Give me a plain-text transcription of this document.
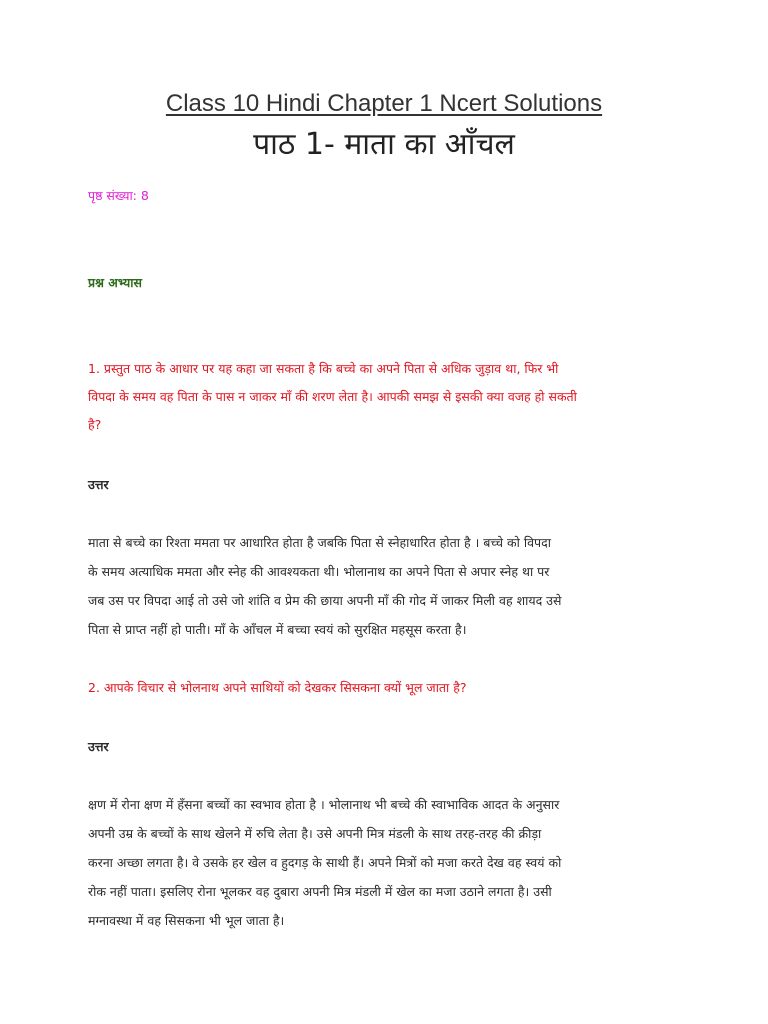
Class 10 Hindi Chapter 1 Ncert Solutions
पाठ 1- माता का आँचल
पृष्ठ संख्या: 8
प्रश्न अभ्यास
1. प्रस्तुत पाठ के आधार पर यह कहा जा सकता है कि बच्चे का अपने पिता से अधिक जुड़ाव था, फिर भी
विपदा के समय वह पिता के पास न जाकर माँ की शरण लेता है। आपकी समझ से इसकी क्या वजह हो सकती
है?
उत्तर
माता से बच्चे का रिश्ता ममता पर आधारित होता है जबकि पिता से स्नेहाधारित होता है । बच्चे को विपदा
के समय अत्याधिक ममता और स्नेह की आवश्यकता थी। भोलानाथ का अपने पिता से अपार स्नेह था पर
जब उस पर विपदा आई तो उसे जो शांति व प्रेम की छाया अपनी माँ की गोद में जाकर मिली वह शायद उसे
पिता से प्राप्त नहीं हो पाती। माँ के आँचल में बच्चा स्वयं को सुरक्षित महसूस करता है।
2. आपके विचार से भोलनाथ अपने साथियों को देखकर सिसकना क्यों भूल जाता है?
उत्तर
क्षण में रोना क्षण में हँसना बच्चों का स्वभाव होता है । भोलानाथ भी बच्चे की स्वाभाविक आदत के अनुसार
अपनी उम्र के बच्चों के साथ खेलने में रुचि लेता है। उसे अपनी मित्र मंडली के साथ तरह-तरह की क्रीड़ा
करना अच्छा लगता है। वे उसके हर खेल व हुदगड़ के साथी हैं। अपने मित्रों को मजा करते देख वह स्वयं को
रोक नहीं पाता। इसलिए रोना भूलकर वह दुबारा अपनी मित्र मंडली में खेल का मजा उठाने लगता है। उसी
मग्नावस्था में वह सिसकना भी भूल जाता है।
